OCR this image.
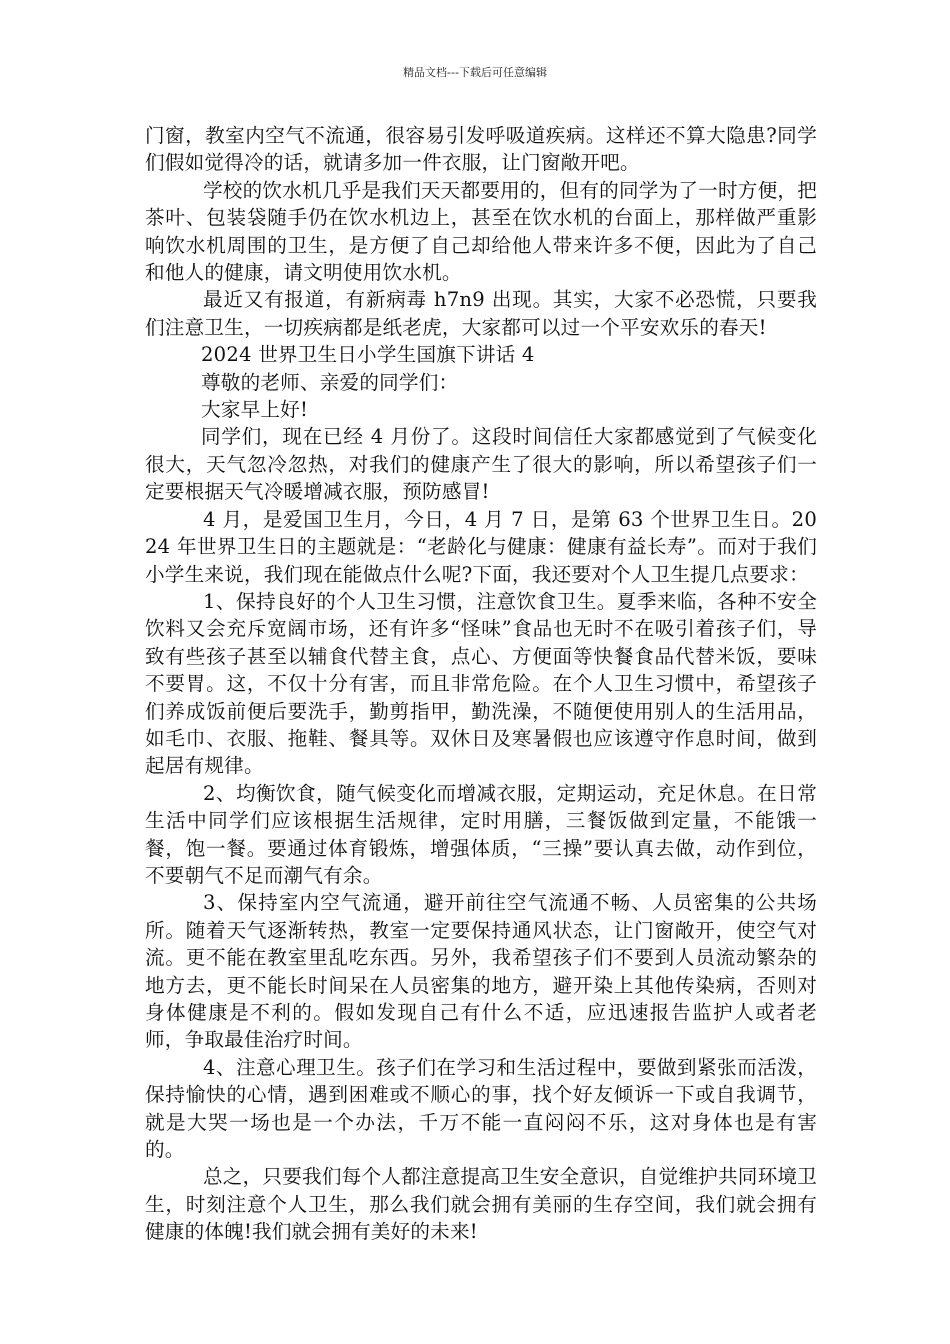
精品文档---下载后可任意编辑

门窗，教室内空气不流通，很容易引发呼吸道疾病。这样还不算大隐患?同学们假如觉得冷的话，就请多加一件衣服，让门窗敞开吧。

学校的饮水机几乎是我们天天都要用的，但有的同学为了一时方便，把茶叶、包装袋随手仍在饮水机边上，甚至在饮水机的台面上，那样做严重影响饮水机周围的卫生，是方便了自己却给他人带来许多不便，因此为了自己和他人的健康，请文明使用饮水机。

最近又有报道，有新病毒 h7n9 出现。其实，大家不必恐慌，只要我们注意卫生，一切疾病都是纸老虎，大家都可以过一个平安欢乐的春天!

2024 世界卫生日小学生国旗下讲话 4

尊敬的老师、亲爱的同学们：

大家早上好!

同学们，现在已经 4 月份了。这段时间信任大家都感觉到了气候变化很大，天气忽冷忽热，对我们的健康产生了很大的影响，所以希望孩子们一定要根据天气冷暖增减衣服，预防感冒!

4 月，是爱国卫生月，今日，4 月 7 日，是第 63 个世界卫生日。2024 年世界卫生日的主题就是：“老龄化与健康：健康有益长寿”。而对于我们小学生来说，我们现在能做点什么呢?下面，我还要对个人卫生提几点要求：

1、保持良好的个人卫生习惯，注意饮食卫生。夏季来临，各种不安全饮料又会充斥宽阔市场，还有许多“怪味”食品也无时不在吸引着孩子们，导致有些孩子甚至以辅食代替主食，点心、方便面等快餐食品代替米饭，要味不要胃。这，不仅十分有害，而且非常危险。在个人卫生习惯中，希望孩子们养成饭前便后要洗手，勤剪指甲，勤洗澡，不随便使用别人的生活用品，如毛巾、衣服、拖鞋、餐具等。双休日及寒暑假也应该遵守作息时间，做到起居有规律。

2、均衡饮食，随气候变化而增减衣服，定期运动，充足休息。在日常生活中同学们应该根据生活规律，定时用膳，三餐饭做到定量，不能饿一餐，饱一餐。要通过体育锻炼，增强体质，“三操”要认真去做，动作到位，不要朝气不足而潮气有余。

3、保持室内空气流通，避开前往空气流通不畅、人员密集的公共场所。随着天气逐渐转热，教室一定要保持通风状态，让门窗敞开，使空气对流。更不能在教室里乱吃东西。另外，我希望孩子们不要到人员流动繁杂的地方去，更不能长时间呆在人员密集的地方，避开染上其他传染病，否则对身体健康是不利的。假如发现自己有什么不适，应迅速报告监护人或者老师，争取最佳治疗时间。

4、注意心理卫生。孩子们在学习和生活过程中，要做到紧张而活泼，保持愉快的心情，遇到困难或不顺心的事，找个好友倾诉一下或自我调节，就是大哭一场也是一个办法，千万不能一直闷闷不乐，这对身体也是有害的。

总之，只要我们每个人都注意提高卫生安全意识，自觉维护共同环境卫生，时刻注意个人卫生，那么我们就会拥有美丽的生存空间，我们就会拥有健康的体魄!我们就会拥有美好的未来!
